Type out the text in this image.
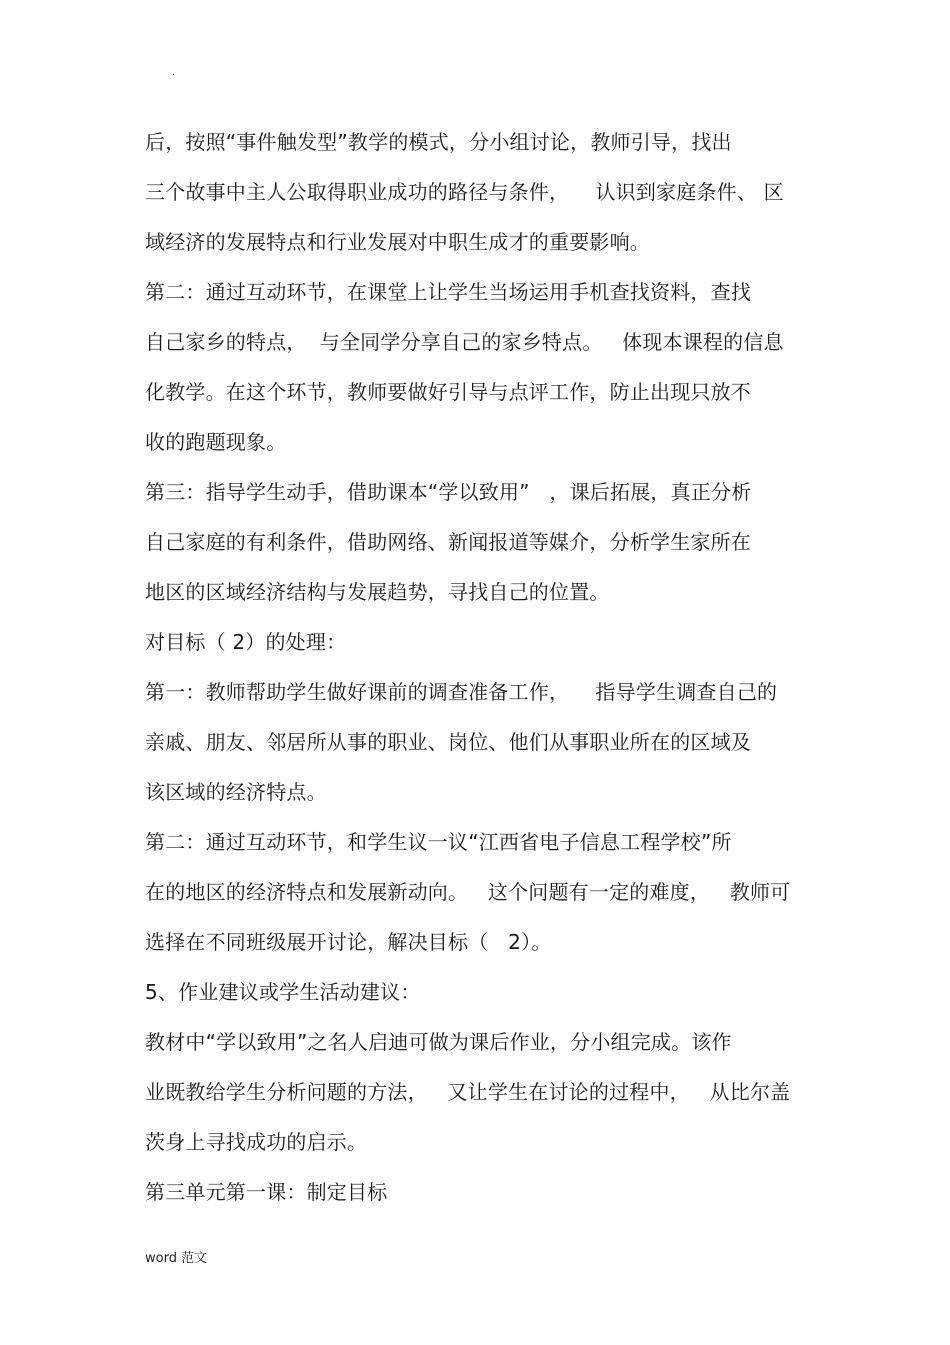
.
后，按照“事件触发型”教学的模式，分小组讨论，教师引导，找出
三个故事中主人公取得职业成功的路径与条件，    认识到家庭条件、 区
域经济的发展特点和行业发展对中职生成才的重要影响。
第二：通过互动环节，在课堂上让学生当场运用手机查找资料，查找
自己家乡的特点，  与全同学分享自己的家乡特点。   体现本课程的信息
化教学。在这个环节，教师要做好引导与点评工作，防止出现只放不
收的跑题现象。
第三：指导学生动手，借助课本“学以致用”   ，课后拓展，真正分析
自己家庭的有利条件，借助网络、新闻报道等媒介，分析学生家所在
地区的区域经济结构与发展趋势，寻找自己的位置。
对目标（ 2）的处理：
第一：教师帮助学生做好课前的调查准备工作，    指导学生调查自己的
亲戚、朋友、邻居所从事的职业、岗位、他们从事职业所在的区域及
该区域的经济特点。
第二：通过互动环节，和学生议一议“江西省电子信息工程学校”所
在的地区的经济特点和发展新动向。   这个问题有一定的难度，   教师可
选择在不同班级展开讨论，解决目标（   2）。
5、作业建议或学生活动建议：
教材中“学以致用”之名人启迪可做为课后作业，分小组完成。该作
业既教给学生分析问题的方法，   又让学生在讨论的过程中，   从比尔盖
茨身上寻找成功的启示。
第三单元第一课：制定目标
word 范文
